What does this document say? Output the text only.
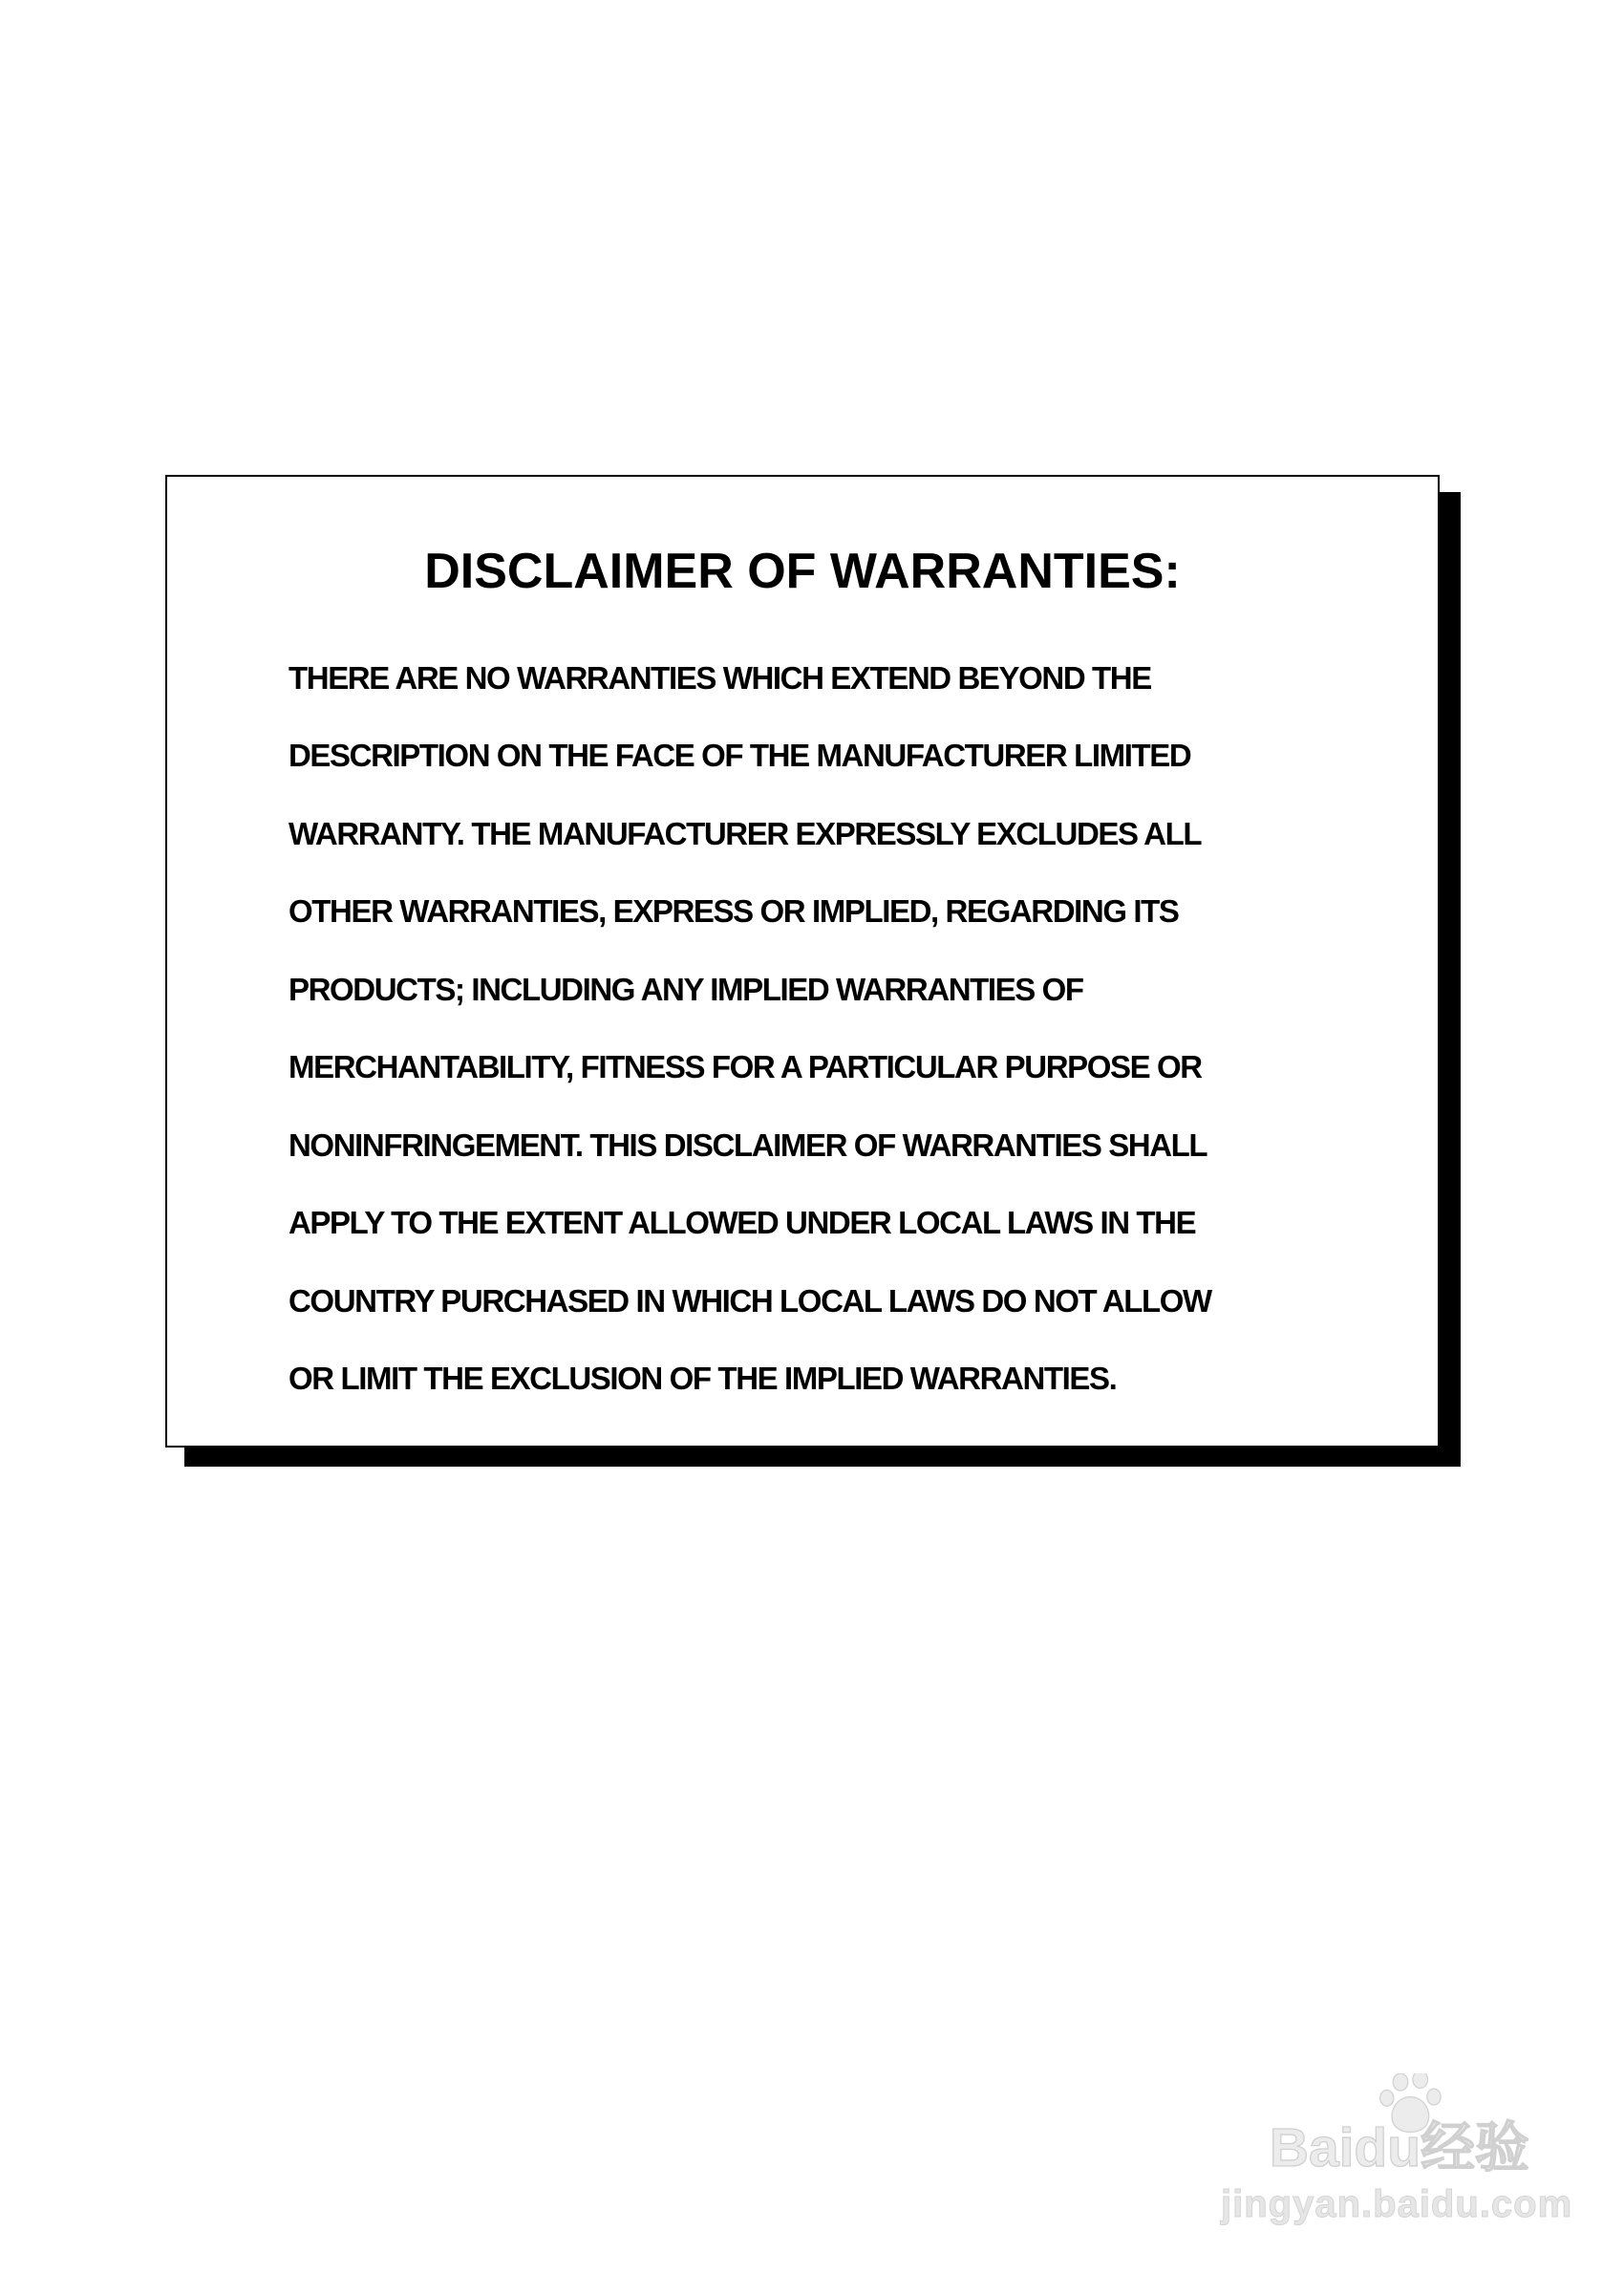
DISCLAIMER OF WARRANTIES:

THERE ARE NO WARRANTIES WHICH EXTEND BEYOND THE

DESCRIPTION ON THE FACE OF THE MANUFACTURER LIMITED

WARRANTY. THE MANUFACTURER EXPRESSLY EXCLUDES ALL

OTHER WARRANTIES, EXPRESS OR IMPLIED, REGARDING ITS

PRODUCTS; INCLUDING ANY IMPLIED WARRANTIES OF

MERCHANTABILITY, FITNESS FOR A PARTICULAR PURPOSE OR

NONINFRINGEMENT. THIS DISCLAIMER OF WARRANTIES SHALL

APPLY TO THE EXTENT ALLOWED UNDER LOCAL LAWS IN THE

COUNTRY PURCHASED IN WHICH LOCAL LAWS DO NOT ALLOW

OR LIMIT THE EXCLUSION OF THE IMPLIED WARRANTIES.

Baidu经验
jingyan.baidu.com
